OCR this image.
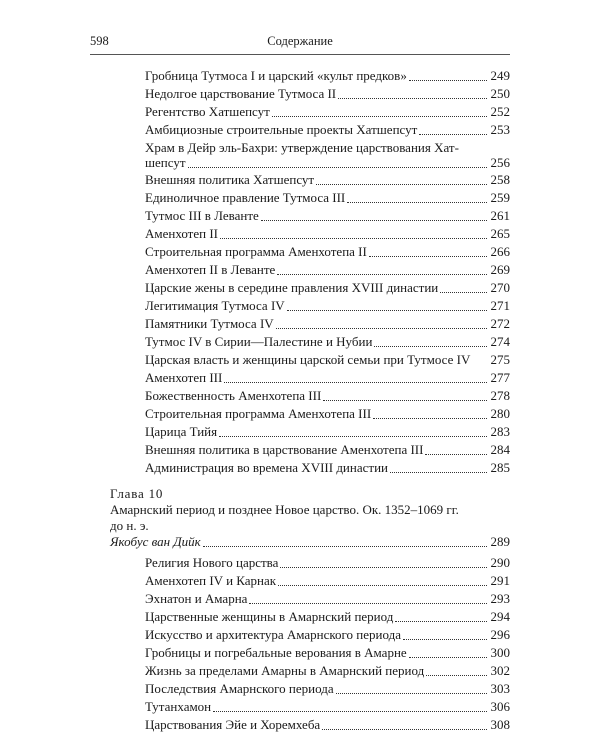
598	Содержание
Гробница Тутмоса I и царский «культ предков»	249
Недолгое царствование Тутмоса II	250
Регентство Хатшепсут	252
Амбициозные строительные проекты Хатшепсут	253
Храм в Дейр эль-Бахри: утверждение царствования Хат-
шепсут	256
Внешняя политика Хатшепсут	258
Единоличное правление Тутмоса III	259
Тутмос III в Леванте	261
Аменхотеп II	265
Строительная программа Аменхотепа II	266
Аменхотеп II в Леванте	269
Царские жены в середине правления XVIII династии	270
Легитимация Тутмоса IV	271
Памятники Тутмоса IV	272
Тутмос IV в Сирии—Палестине и Нубии	274
Царская власть и женщины царской семьи при Тутмосе IV 275
Аменхотеп III	277
Божественность Аменхотепа III	278
Строительная программа Аменхотепа III	280
Царица Тийя	283
Внешняя политика в царствование Аменхотепа III	284
Администрация во времена XVIII династии	285
Глава 10
Амарнский период и позднее Новое царство. Ок. 1352–1069 гг.
до н. э.
Якобус ван Дийк	289
Религия Нового царства	290
Аменхотеп IV и Карнак	291
Эхнатон и Амарна	293
Царственные женщины в Амарнский период	294
Искусство и архитектура Амарнского периода	296
Гробницы и погребальные верования в Амарне	300
Жизнь за пределами Амарны в Амарнский период	302
Последствия Амарнского периода	303
Тутанхамон	306
Царствования Эйе и Хоремхеба	308
